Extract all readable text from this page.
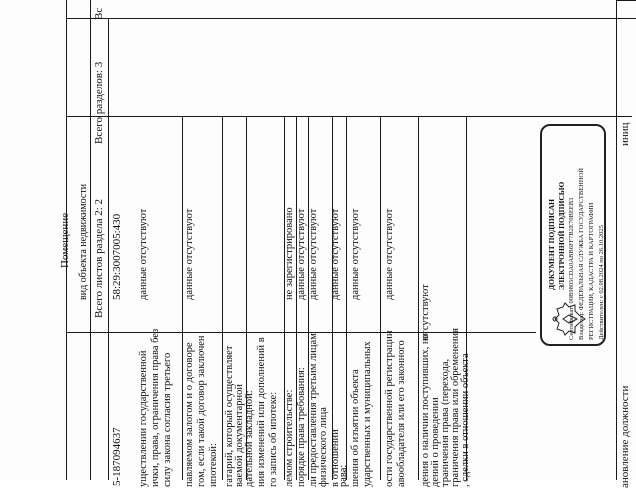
Помещение вид объекта недвижимости Всего листов раздела 2: 2
Всего разделов: 3
Вс
5-187094637
58:29:3007005:430
уществлении государственной ички, права, ограничения права без силу закона согласия третьего
данные отсутствуют
павляемом залогом и о договоре гом, если такой договор заключен ипотекой:
данные отсутствуют
гатарий, который осуществляет ваемой документарной дательной закладной: ния изменений или дополнений в го запись об ипотеке: лемом строительстве:
не зарегистрировано
порядке права требования:
данные отсутствуют
ли предоставления третьим лицам физического лица
данные отсутствуют
в отношении
рава:
данные отсутствуют
шения об изъятии объекта ударственных и муниципальных
данные отсутствуют
ости государственной регистрации авообладателя или его законного
данные отсутствуют
дения о наличии поступивших, но дений о проведении траничения права (перехода, граничения права или обременения , сделки в отношении объекта
отсутствуют
ановление должности
иниц
ДОКУМЕНТ ПОДПИСАН ЭЛЕКТРОННОЙ ПОДПИСЬЮ Сертификат: 00B9805CDA0ABB6FF7B2E70BEEB3 Владелец: ФЕДЕРАЛЬНАЯ СЛУЖБА ГОСУДАРСТВЕННОЙ РЕГИСТРАЦИИ, КАДАСТРА И КАРТОГРАФИИ Действителен: с 02.08.2024 по 26.10.2025
